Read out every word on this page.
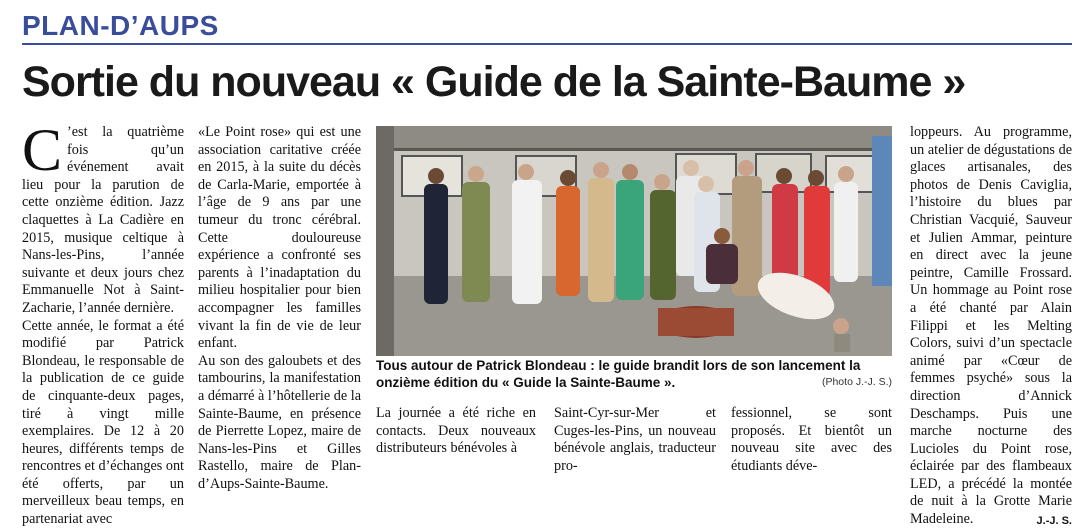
PLAN-D’AUPS
Sortie du nouveau « Guide de la Sainte-Baume »

C ’est la quatrième fois qu’un événement avait lieu pour la parution de cette onzième édition. Jazz claquettes à La Cadière en 2015, musique celtique à Nans-les-Pins, l’année suivante et deux jours chez Emmanuelle Not à Saint-Zacharie, l’année dernière.

Cette année, le format a été modifié par Patrick Blondeau, le responsable de la publication de ce guide de cinquante-deux pages, tiré à vingt mille exemplaires. De 12 à 20 heures, différents temps de rencontres et d’échanges ont été offerts, par un merveilleux beau temps, en partenariat avec

«Le Point rose» qui est une association caritative créée en 2015, à la suite du décès de Carla-Marie, emportée à l’âge de 9 ans par une tumeur du tronc cérébral. Cette douloureuse expérience a confronté ses parents à l’inadaptation du milieu hospitalier pour bien accompagner les familles vivant la fin de vie de leur enfant.

Au son des galoubets et des tambourins, la manifestation a démarré à l’hôtellerie de la Sainte-Baume, en présence de Pierrette Lopez, maire de Nans-les-Pins et Gilles Rastello, maire de Plan-d’Aups-Sainte-Baume.

Tous autour de Patrick Blondeau : le guide brandit lors de son lancement la onzième édition du « Guide la Sainte-Baume ».	(Photo J.-J. S.)

La journée a été riche en contacts. Deux nouveaux distributeurs bénévoles à

Saint-Cyr-sur-Mer et Cuges-les-Pins, un nouveau bénévole anglais, traducteur pro-

fessionnel, se sont proposés. Et bientôt un nouveau site avec des étudiants déve-

loppeurs. Au programme, un atelier de dégustations de glaces artisanales, des photos de Denis Caviglia, l’histoire du blues par Christian Vacquié, Sauveur et Julien Ammar, peinture en direct avec la jeune peintre, Camille Frossard. Un hommage au Point rose a été chanté par Alain Filippi et les Melting Colors, suivi d’un spectacle animé par «Cœur de femmes psyché» sous la direction d’Annick Deschamps. Puis une marche nocturne des Lucioles du Point rose, éclairée par des flambeaux LED, a précédé la montée de nuit à la Grotte Marie Madeleine.	J.-J. S.
